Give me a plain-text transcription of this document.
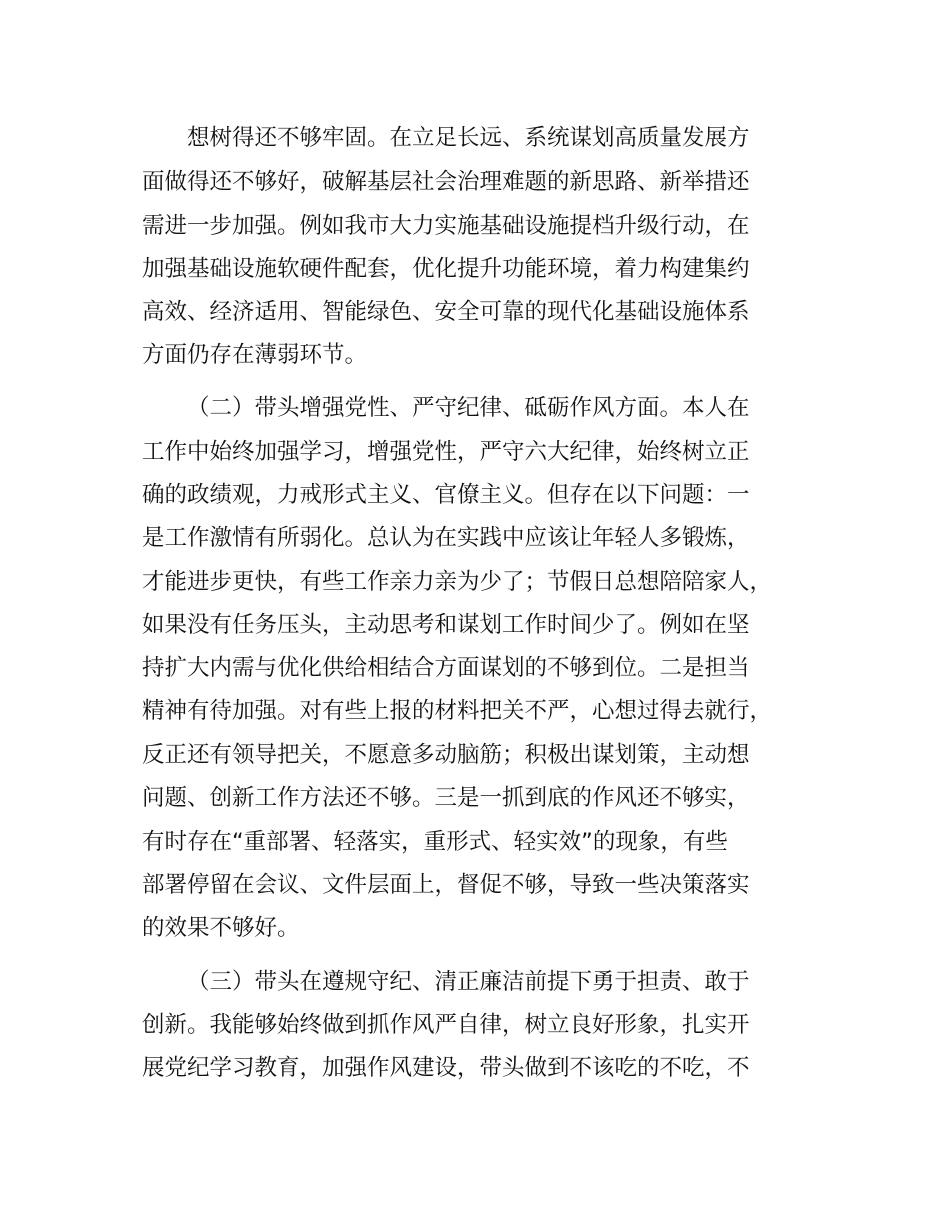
想树得还不够牢固。在立足长远、系统谋划高质量发展方
面做得还不够好，破解基层社会治理难题的新思路、新举措还
需进一步加强。例如我市大力实施基础设施提档升级行动，在
加强基础设施软硬件配套，优化提升功能环境，着力构建集约
高效、经济适用、智能绿色、安全可靠的现代化基础设施体系
方面仍存在薄弱环节。
（二）带头增强党性、严守纪律、砥砺作风方面。本人在
工作中始终加强学习，增强党性，严守六大纪律，始终树立正
确的政绩观，力戒形式主义、官僚主义。但存在以下问题：一
是工作激情有所弱化。总认为在实践中应该让年轻人多锻炼，
才能进步更快，有些工作亲力亲为少了；节假日总想陪陪家人，
如果没有任务压头，主动思考和谋划工作时间少了。例如在坚
持扩大内需与优化供给相结合方面谋划的不够到位。二是担当
精神有待加强。对有些上报的材料把关不严，心想过得去就行，
反正还有领导把关，不愿意多动脑筋；积极出谋划策，主动想
问题、创新工作方法还不够。三是一抓到底的作风还不够实，
有时存在“重部署、轻落实，重形式、轻实效”的现象，有些
部署停留在会议、文件层面上，督促不够，导致一些决策落实
的效果不够好。
（三）带头在遵规守纪、清正廉洁前提下勇于担责、敢于
创新。我能够始终做到抓作风严自律，树立良好形象，扎实开
展党纪学习教育，加强作风建设，带头做到不该吃的不吃，不
